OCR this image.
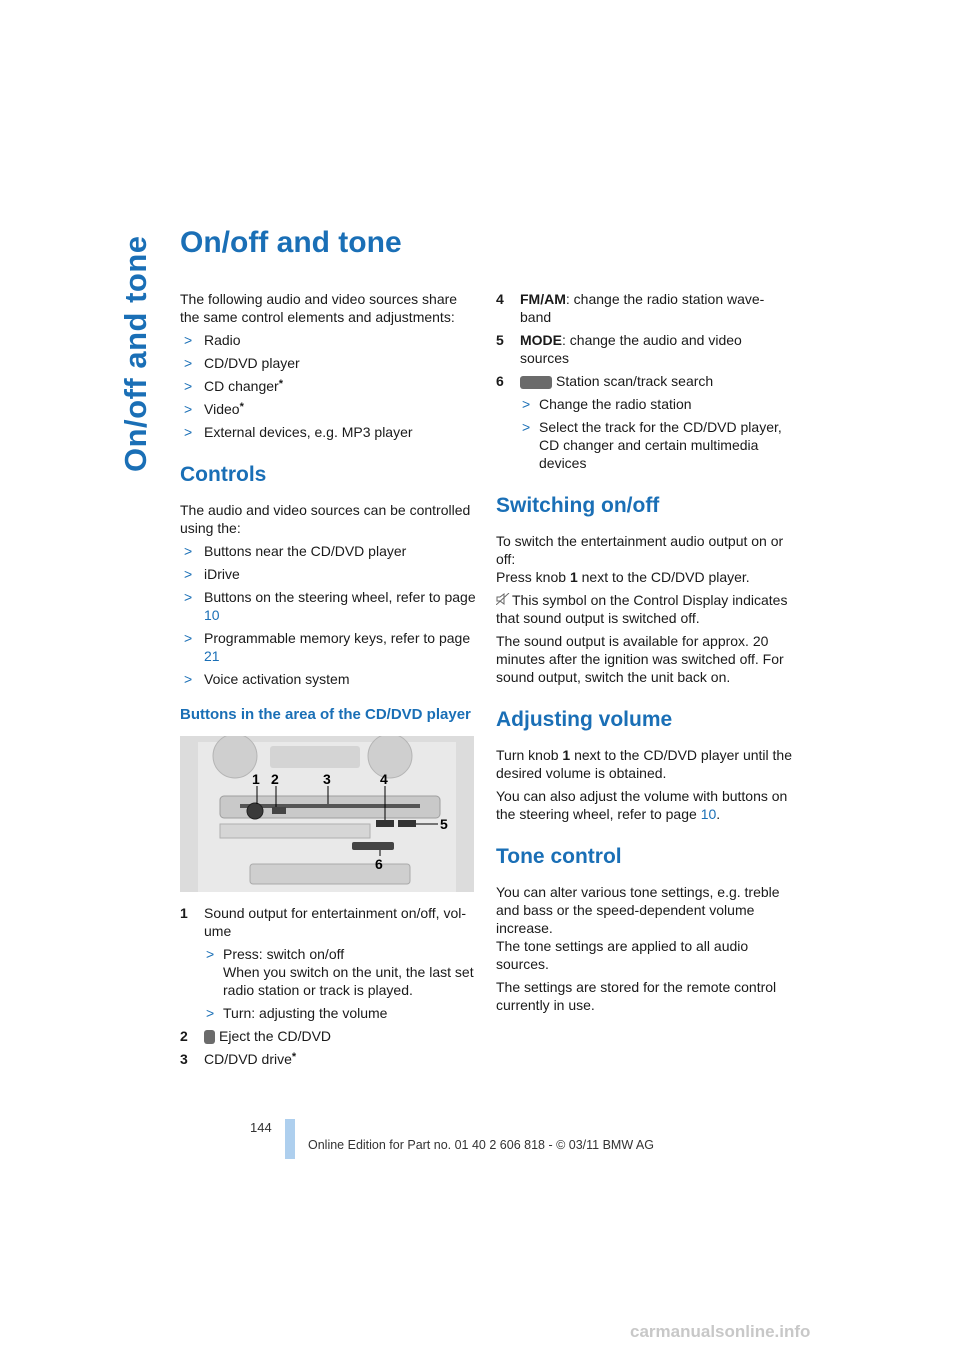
On/off and tone On/off and tone

The following audio and video sources share the same control elements and adjustments:

> Radio
> CD/DVD player
> CD changer*
> Video*
> External devices, e.g. MP3 player
Controls

The audio and video sources can be controlled using the:

> Buttons near the CD/DVD player
> iDrive
> Buttons on the steering wheel, refer to page 10
> Programmable memory keys, refer to page 21
> Voice activation system
Buttons in the area of the CD/DVD player
1 2	3	4
5
6
1 Sound output for entertainment on/off, vol-ume
> Press: switch on/off
When you switch on the unit, the last set radio station or track is played.
> Turn: adjusting the volume
2 Eject the CD/DVD
3 CD/DVD drive*
4 FM/AM: change the radio station wave-band
5 MODE: change the audio and video sources
6	Station scan/track search
> Change the radio station
> Select the track for the CD/DVD player, CD changer and certain multimedia devices
Switching on/off

To switch the entertainment audio output on or off:
Press knob 1 next to the CD/DVD player.

This symbol on the Control Display indicates that sound output is switched off.

The sound output is available for approx. 20 minutes after the ignition was switched off. For sound output, switch the unit back on.

Adjusting volume

Turn knob 1 next to the CD/DVD player until the desired volume is obtained.

You can also adjust the volume with buttons on the steering wheel, refer to page 10.

Tone control

You can alter various tone settings, e.g. treble and bass or the speed-dependent volume increase.
The tone settings are applied to all audio sources.

The settings are stored for the remote control currently in use.

144
Online Edition for Part no. 01 40 2 606 818 - © 03/11 BMW AG
carmanualsonline.info
